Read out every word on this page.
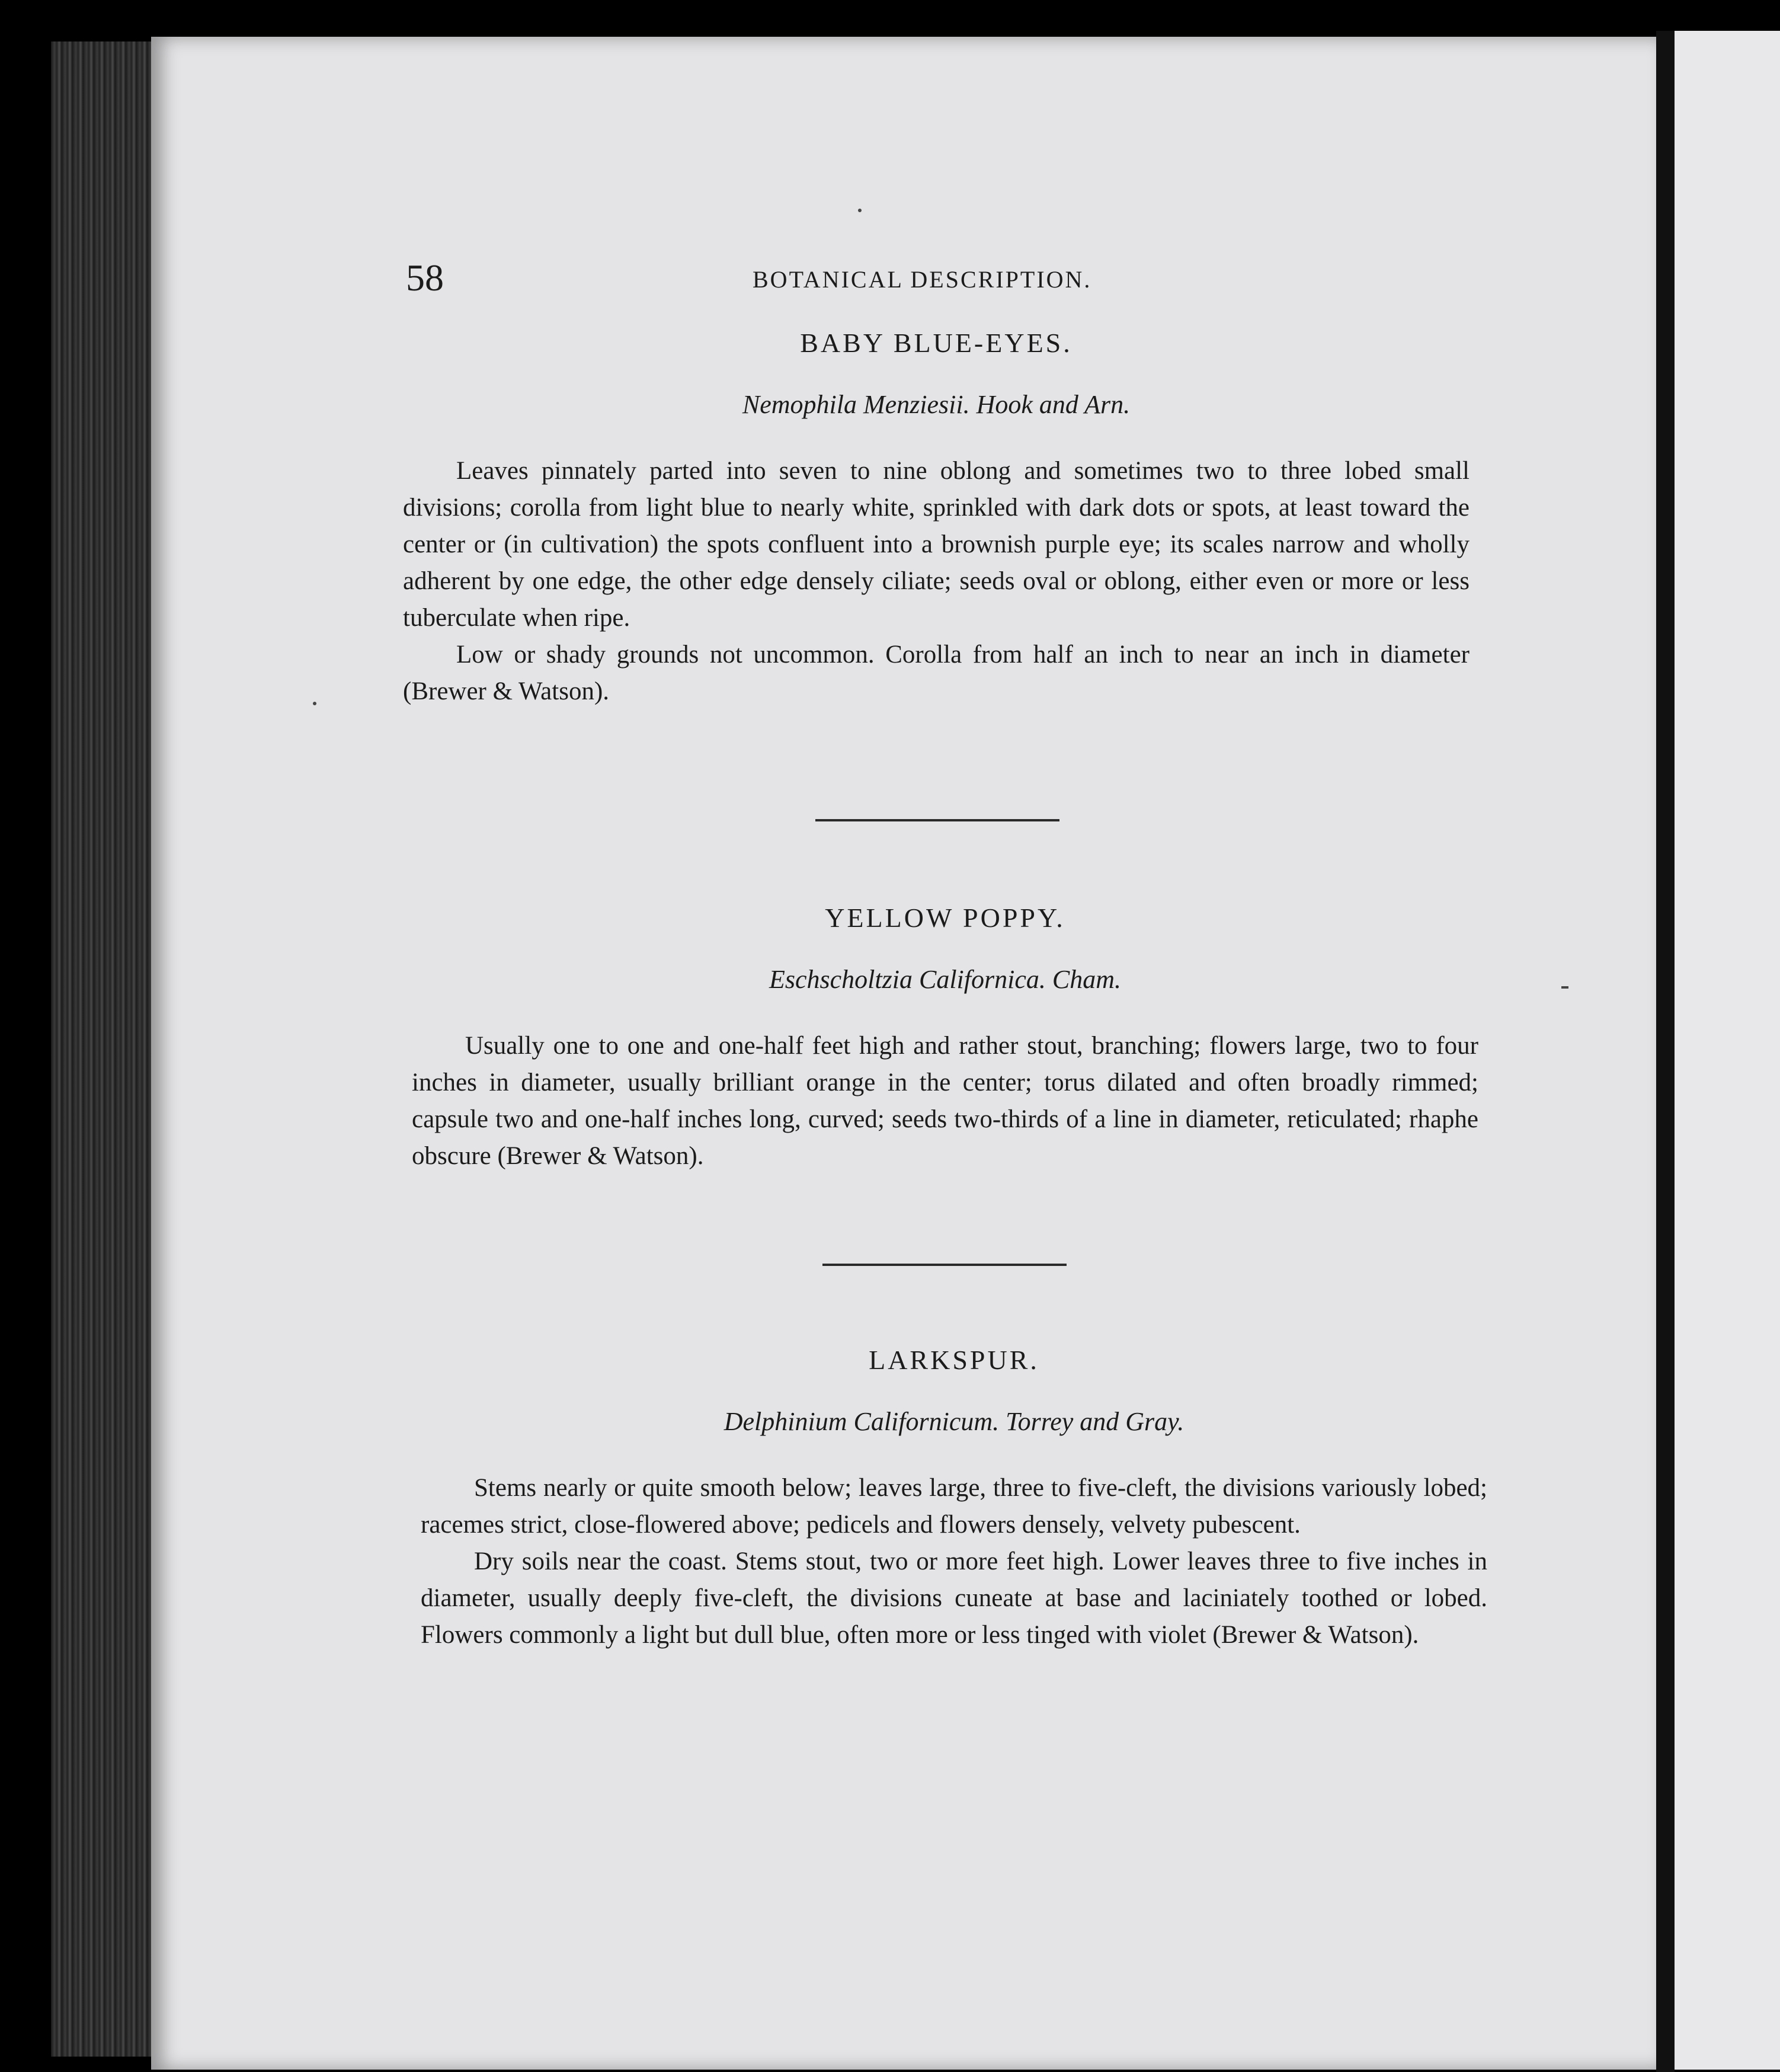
58	BOTANICAL DESCRIPTION.

BABY BLUE-EYES.

Nemophila Menziesii. Hook and Arn.

Leaves pinnately parted into seven to nine oblong and sometimes two to three lobed small divisions; corolla from light blue to nearly white, sprinkled with dark dots or spots, at least toward the center or (in cultivation) the spots confluent into a brownish purple eye; its scales narrow and wholly adherent by one edge, the other edge densely ciliate; seeds oval or oblong, either even or more or less tuberculate when ripe.

Low or shady grounds not uncommon. Corolla from half an inch to near an inch in diameter (Brewer & Watson).

YELLOW POPPY.

Eschscholtzia Californica. Cham.

Usually one to one and one-half feet high and rather stout, branching; flowers large, two to four inches in diameter, usually brilliant orange in the center; torus dilated and often broadly rimmed; capsule two and one-half inches long, curved; seeds two-thirds of a line in diameter, reticulated; rhaphe obscure (Brewer & Watson).

LARKSPUR.

Delphinium Californicum. Torrey and Gray.

Stems nearly or quite smooth below; leaves large, three to five-cleft, the divisions variously lobed; racemes strict, close-flowered above; pedicels and flowers densely, velvety pubescent.

Dry soils near the coast. Stems stout, two or more feet high. Lower leaves three to five inches in diameter, usually deeply five-cleft, the divisions cuneate at base and laciniately toothed or lobed. Flowers commonly a light but dull blue, often more or less tinged with violet (Brewer & Watson).
